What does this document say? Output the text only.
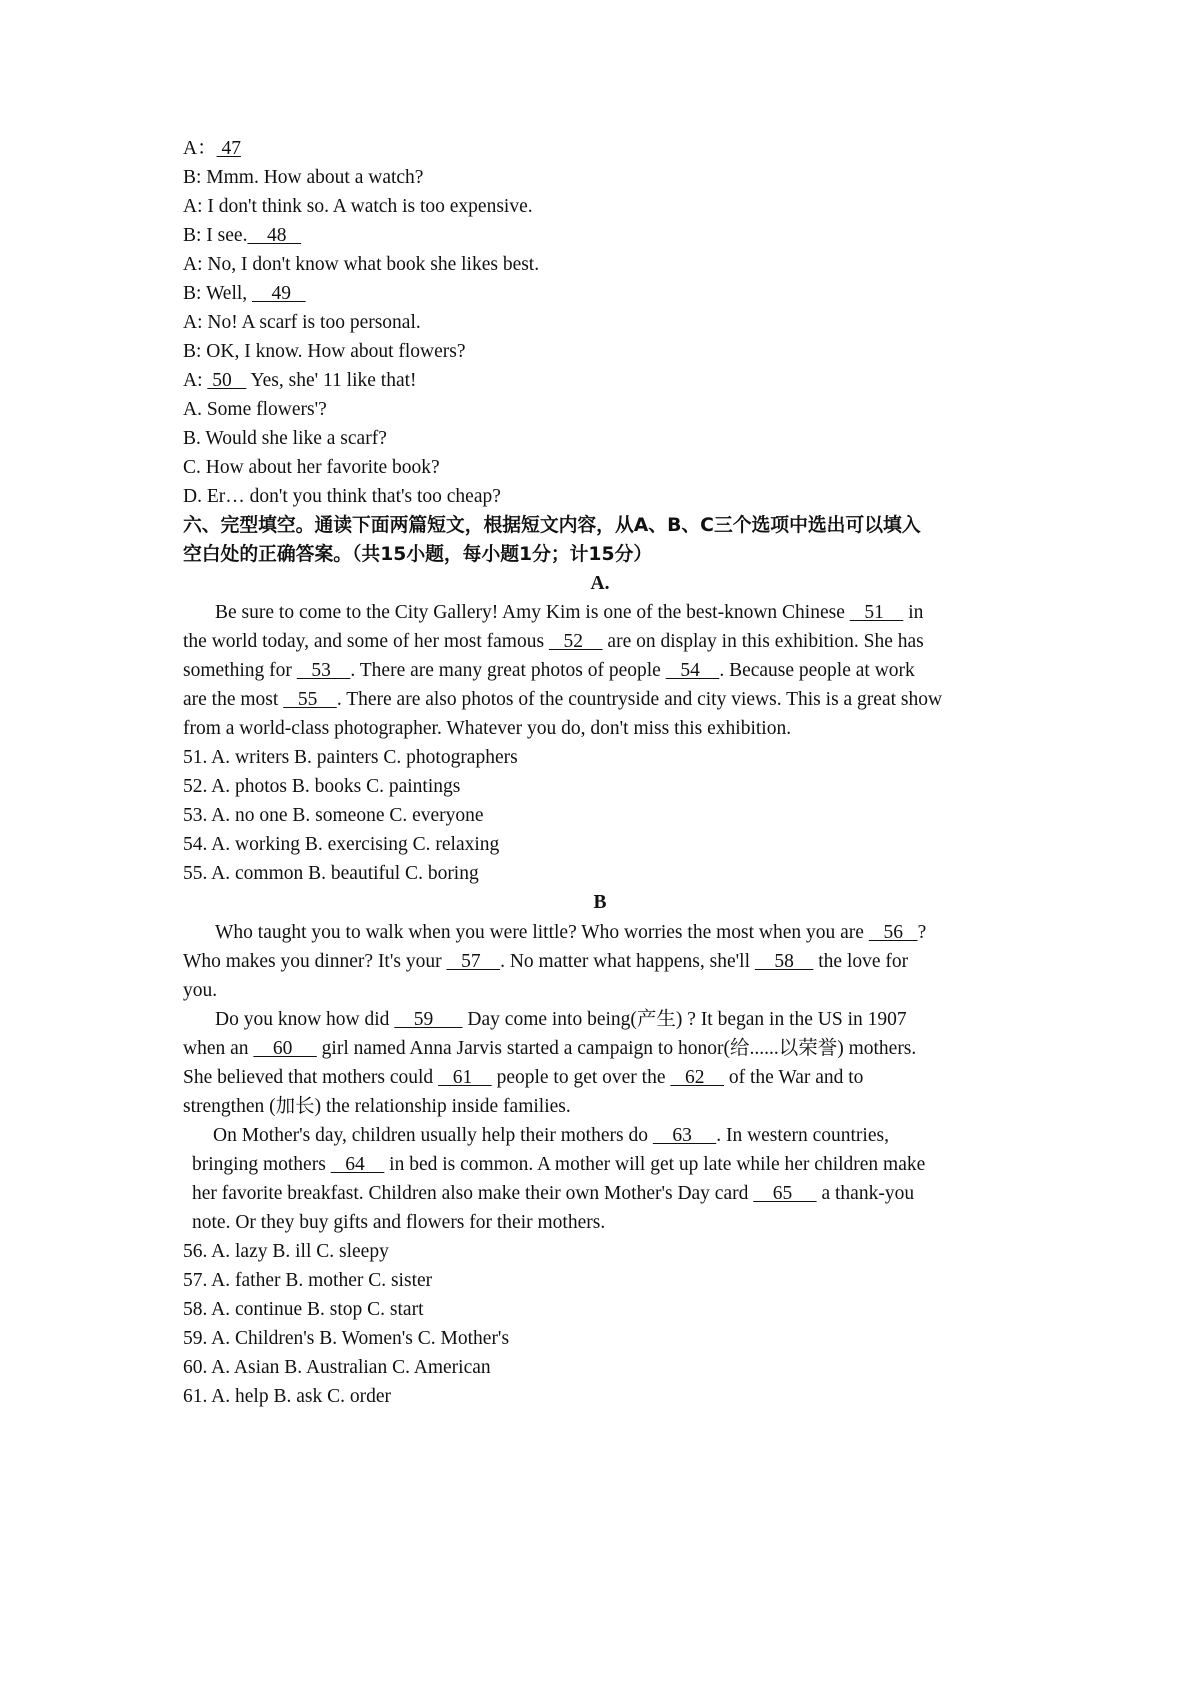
A： 47
B: Mmm. How about a watch?
A: I don't think so. A watch is too expensive.
B: I see.    48
A: No, I don't know what book she likes best.
B: Well,     49
A: No! A scarf is too personal.
B: OK, I know. How about flowers?
A:  50    Yes, she' 11 like that!
A. Some flowers'?
B. Would she like a scarf?
C. How about her favorite book?
D. Er… don't you think that's too cheap?
六、完型填空。通读下面两篇短文，根据短文内容，从A、B、C三个选项中选出可以填入
空白处的正确答案。（共15小题，每小题1分；计15分）
A.
Be sure to come to the City Gallery! Amy Kim is one of the best-known Chinese    51     in
the world today, and some of her most famous    52     are on display in this exhibition. She has
something for    53    . There are many great photos of people    54    . Because people at work
are the most    55    . There are also photos of the countryside and city views. This is a great show
from a world-class photographer. Whatever you do, don't miss this exhibition.
51. A. writers B. painters C. photographers
52. A. photos B. books C. paintings
53. A. no one B. someone C. everyone
54. A. working B. exercising C. relaxing
55. A. common B. beautiful C. boring
B
Who taught you to walk when you were little? Who worries the most when you are    56   ?
Who makes you dinner? It's your    57    . No matter what happens, she'll     58     the love for
you.
Do you know how did     59       Day come into being(产生) ? It began in the US in 1907
when an     60      girl named Anna Jarvis started a campaign to honor(给......以荣誉) mothers.
She believed that mothers could    61     people to get over the    62     of the War and to
strengthen (加长) the relationship inside families.
On Mother's day, children usually help their mothers do     63     . In western countries,
bringing mothers    64     in bed is common. A mother will get up late while her children make
her favorite breakfast. Children also make their own Mother's Day card     65      a thank-you
note. Or they buy gifts and flowers for their mothers.
56. A. lazy B. ill C. sleepy
57. A. father B. mother C. sister
58. A. continue B. stop C. start
59. A. Children's B. Women's C. Mother's
60. A. Asian B. Australian C. American
61. A. help B. ask C. order
